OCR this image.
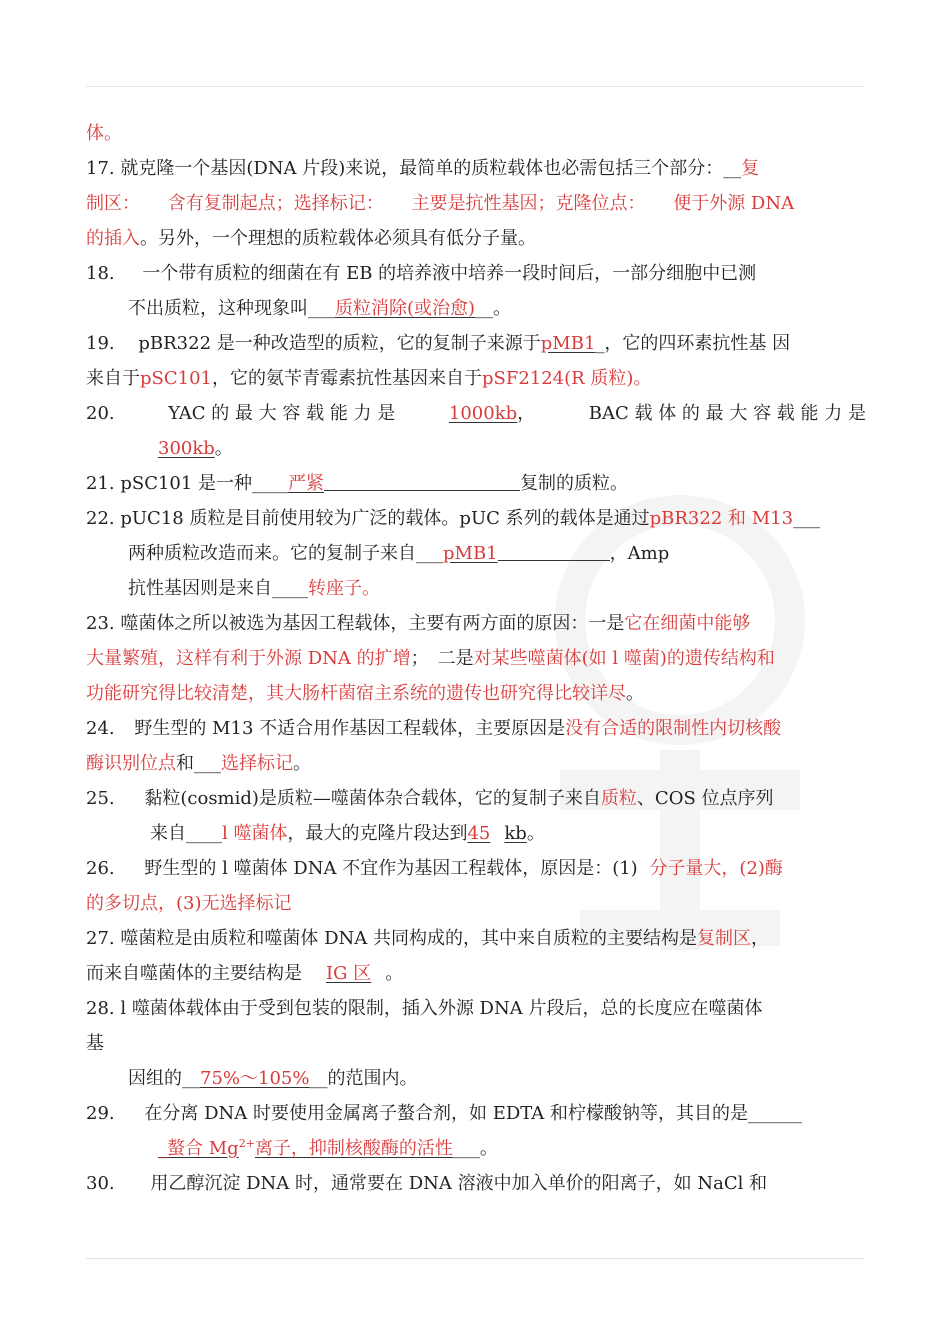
体。
17. 就克隆一个基因(DNA 片段)来说，最简单的质粒载体也必需包括三个部分：__复
制区： 含有复制起点；选择标记： 主要是抗性基因；克隆位点： 便于外源 DNA
的插入。另外，一个理想的质粒载体必须具有低分子量。
18. 一个带有质粒的细菌在有 EB 的培养液中培养一段时间后，一部分细胞中已测
不出质粒，这种现象叫___质粒消除(或治愈)__。
19. pBR322 是一种改造型的质粒，它的复制子来源于pMB1_，它的四环素抗性基 因
来自于pSC101，它的氨苄青霉素抗性基因来自于pSF2124(R 质粒)。
20.	YAC 的 最 大 容 载 能 力 是	1000kb，	BAC 载 体 的 最 大 容 载 能 力 是
300kb。
21. pSC101 是一种____严紧	复制的质粒。
22. pUC18 质粒是目前使用较为广泛的载体。pUC 系列的载体是通过pBR322 和 M13___
两种质粒改造而来。它的复制子来自___pMB1	，Amp
抗性基因则是来自____转座子。
23. 噬菌体之所以被选为基因工程载体，主要有两方面的原因：一是它在细菌中能够
大量繁殖，这样有利于外源 DNA 的扩增；　二是对某些噬菌体(如 l 噬菌)的遗传结构和
功能研究得比较清楚，其大肠杆菌宿主系统的遗传也研究得比较详尽。
24. 野生型的 M13 不适合用作基因工程载体，主要原因是没有合适的限制性内切核酸
酶识别位点和___选择标记。
25. 黏粒(cosmid)是质粒—噬菌体杂合载体，它的复制子来自质粒、COS 位点序列
来自____l 噬菌体，最大的克隆片段达到45 kb。
26. 野生型的 l 噬菌体 DNA 不宜作为基因工程载体，原因是：(1) 分子量大，(2)酶
的多切点，(3)无选择标记
27. 噬菌粒是由质粒和噬菌体 DNA 共同构成的，其中来自质粒的主要结构是复制区，
而来自噬菌体的主要结构是 IG 区 。
28. l 噬菌体载体由于受到包装的限制，插入外源 DNA 片段后，总的长度应在噬菌体
基
因组的__75%～105%__的范围内。
29. 在分离 DNA 时要使用金属离子螯合剂，如 EDTA 和柠檬酸钠等，其目的是______
_螯合 $Mg^{2+}$离子，抑制核酸酶的活性___。
30. 用乙醇沉淀 DNA 时，通常要在 DNA 溶液中加入单价的阳离子，如 NaCl 和
